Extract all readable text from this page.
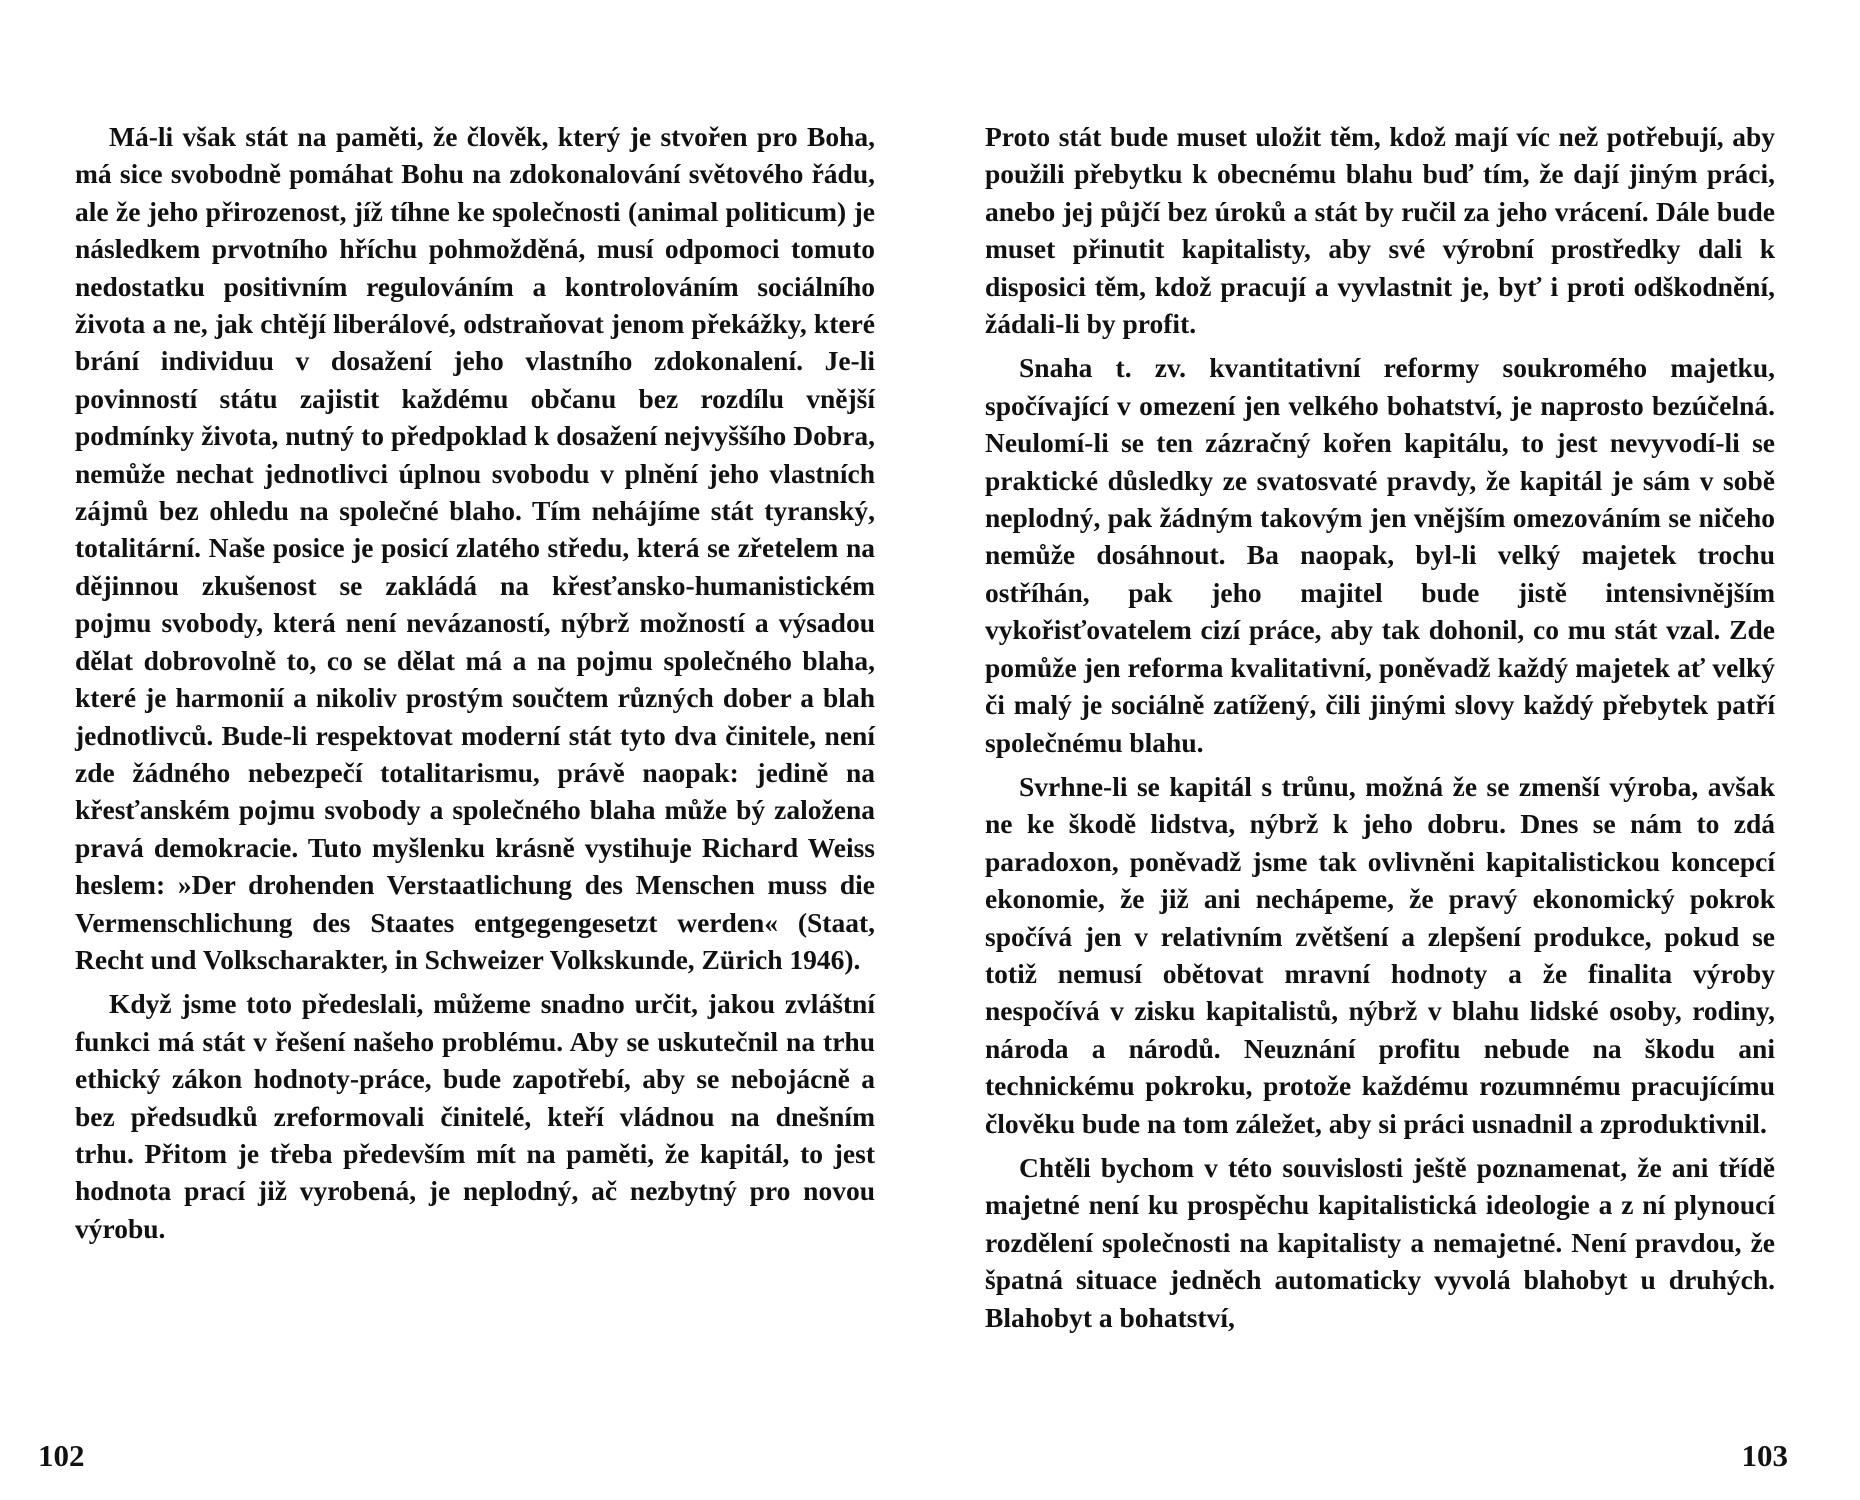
Má-li však stát na paměti, že člověk, který je stvořen pro Boha, má sice svobodně pomáhat Bohu na zdokonalování světového řádu, ale že jeho přirozenost, jíž tíhne ke společnosti (animal politicum) je následkem prvotního hříchu pohmožděná, musí odpomoci tomuto nedostatku positivním regulováním a kontrolováním sociálního života a ne, jak chtějí liberálové, odstraňovat jenom překážky, které brání individuu v dosažení jeho vlastního zdokonalení. Je-li povinností státu zajistit každému občanu bez rozdílu vnější podmínky života, nutný to předpoklad k dosažení nejvyššího Dobra, nemůže nechat jednotlivci úplnou svobodu v plnění jeho vlastních zájmů bez ohledu na společné blaho. Tím nehájíme stát tyranský, totalitární. Naše posice je posicí zlatého středu, která se zřetelem na dějinnou zkušenost se zakládá na křesťansko-humanistickém pojmu svobody, která není nevázaností, nýbrž možností a výsadou dělat dobrovolně to, co se dělat má a na pojmu společného blaha, které je harmonií a nikoliv prostým součtem různých dober a blah jednotlivců. Bude-li respektovat moderní stát tyto dva činitele, není zde žádného nebezpečí totalitarismu, právě naopak: jedině na křesťanském pojmu svobody a společného blaha může bý založena pravá demokracie. Tuto myšlenku krásně vystihuje Richard Weiss heslem: »Der drohenden Verstaatlichung des Menschen muss die Vermenschlichung des Staates entgegengesetzt werden« (Staat, Recht und Volkscharakter, in Schweizer Volkskunde, Zürich 1946).

Když jsme toto předeslali, můžeme snadno určit, jakou zvláštní funkci má stát v řešení našeho problému. Aby se uskutečnil na trhu ethický zákon hodnoty-práce, bude zapotřebí, aby se nebojácně a bez předsudků zreformovali činitelé, kteří vládnou na dnešním trhu. Přitom je třeba především mít na paměti, že kapitál, to jest hodnota prací již vyrobená, je neplodný, ač nezbytný pro novou výrobu.

Proto stát bude muset uložit těm, kdož mají víc než potřebují, aby použili přebytku k obecnému blahu buď tím, že dají jiným práci, anebo jej půjčí bez úroků a stát by ručil za jeho vrácení. Dále bude muset přinutit kapitalisty, aby své výrobní prostředky dali k disposici těm, kdož pracují a vyvlastnit je, byť i proti odškodnění, žádali-li by profit.

Snaha t. zv. kvantitativní reformy soukromého majetku, spočívající v omezení jen velkého bohatství, je naprosto bezúčelná. Neulomí-li se ten zázračný kořen kapitálu, to jest nevyvodí-li se praktické důsledky ze svatosvaté pravdy, že kapitál je sám v sobě neplodný, pak žádným takovým jen vnějším omezováním se ničeho nemůže dosáhnout. Ba naopak, byl-li velký majetek trochu ostříhán, pak jeho majitel bude jistě intensivnějším vykořisťovatelem cizí práce, aby tak dohonil, co mu stát vzal. Zde pomůže jen reforma kvalitativní, poněvadž každý majetek ať velký či malý je sociálně zatížený, čili jinými slovy každý přebytek patří společnému blahu.

Svrhne-li se kapitál s trůnu, možná že se zmenší výroba, avšak ne ke škodě lidstva, nýbrž k jeho dobru. Dnes se nám to zdá paradoxon, poněvadž jsme tak ovlivněni kapitalistickou koncepcí ekonomie, že již ani nechápeme, že pravý ekonomický pokrok spočívá jen v relativním zvětšení a zlepšení produkce, pokud se totiž nemusí obětovat mravní hodnoty a že finalita výroby nespočívá v zisku kapitalistů, nýbrž v blahu lidské osoby, rodiny, národa a národů. Neuznání profitu nebude na škodu ani technickému pokroku, protože každému rozumnému pracujícímu člověku bude na tom záležet, aby si práci usnadnil a zproduktivnil.

Chtěli bychom v této souvislosti ještě poznamenat, že ani třídě majetné není ku prospěchu kapitalistická ideologie a z ní plynoucí rozdělení společnosti na kapitalisty a nemajetné. Není pravdou, že špatná situace jedněch automaticky vyvolá blahobyt u druhých. Blahobyt a bohatství,

102	103
